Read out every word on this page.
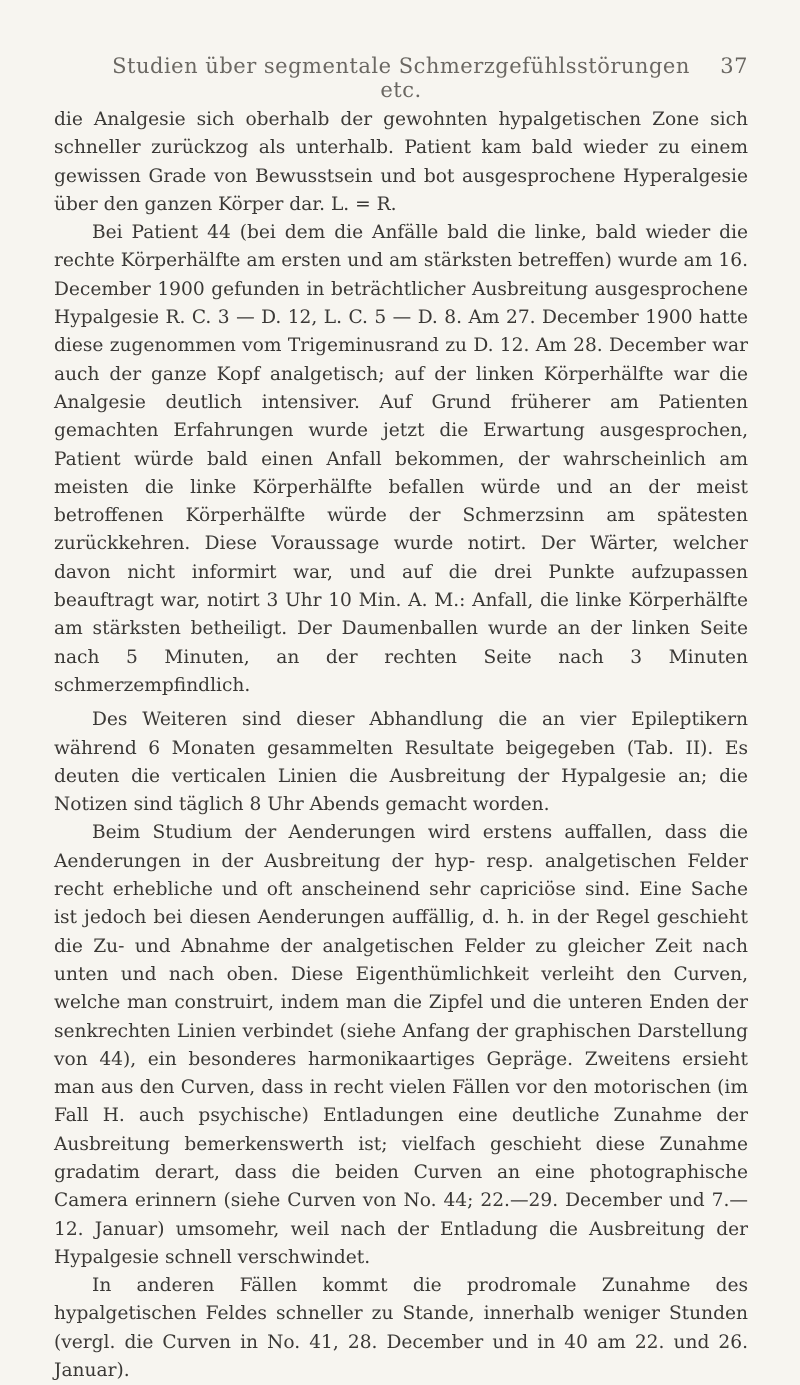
Studien über segmentale Schmerzgefühlsstörungen etc.
37

die Analgesie sich oberhalb der gewohnten hypalgetischen Zone sich schneller zurückzog als unterhalb. Patient kam bald wieder zu einem gewissen Grade von Bewusstsein und bot ausgesprochene Hyperalgesie über den ganzen Körper dar. L. = R.

Bei Patient 44 (bei dem die Anfälle bald die linke, bald wieder die rechte Körperhälfte am ersten und am stärksten betreffen) wurde am 16. December 1900 gefunden in beträchtlicher Ausbreitung ausgesprochene Hypalgesie R. C. 3 — D. 12, L. C. 5 — D. 8. Am 27. December 1900 hatte diese zugenommen vom Trigeminusrand zu D. 12. Am 28. December war auch der ganze Kopf analgetisch; auf der linken Körperhälfte war die Analgesie deutlich intensiver. Auf Grund früherer am Patienten gemachten Erfahrungen wurde jetzt die Erwartung ausgesprochen, Patient würde bald einen Anfall bekommen, der wahrscheinlich am meisten die linke Körperhälfte befallen würde und an der meist betroffenen Körperhälfte würde der Schmerzsinn am spätesten zurückkehren. Diese Voraussage wurde notirt. Der Wärter, welcher davon nicht informirt war, und auf die drei Punkte aufzupassen beauftragt war, notirt 3 Uhr 10 Min. A. M.: Anfall, die linke Körperhälfte am stärksten betheiligt. Der Daumenballen wurde an der linken Seite nach 5 Minuten, an der rechten Seite nach 3 Minuten schmerzempfindlich.

Des Weiteren sind dieser Abhandlung die an vier Epileptikern während 6 Monaten gesammelten Resultate beigegeben (Tab. II). Es deuten die verticalen Linien die Ausbreitung der Hypalgesie an; die Notizen sind täglich 8 Uhr Abends gemacht worden.

Beim Studium der Aenderungen wird erstens auffallen, dass die Aenderungen in der Ausbreitung der hyp- resp. analgetischen Felder recht erhebliche und oft anscheinend sehr capriciöse sind. Eine Sache ist jedoch bei diesen Aenderungen auffällig, d. h. in der Regel geschieht die Zu- und Abnahme der analgetischen Felder zu gleicher Zeit nach unten und nach oben. Diese Eigenthümlichkeit verleiht den Curven, welche man construirt, indem man die Zipfel und die unteren Enden der senkrechten Linien verbindet (siehe Anfang der graphischen Darstellung von 44), ein besonderes harmonikaartiges Gepräge. Zweitens ersieht man aus den Curven, dass in recht vielen Fällen vor den motorischen (im Fall H. auch psychische) Entladungen eine deutliche Zunahme der Ausbreitung bemerkenswerth ist; vielfach geschieht diese Zunahme gradatim derart, dass die beiden Curven an eine photographische Camera erinnern (siehe Curven von No. 44; 22.—29. December und 7.—12. Januar) umsomehr, weil nach der Entladung die Ausbreitung der Hypalgesie schnell verschwindet.

In anderen Fällen kommt die prodromale Zunahme des hypalgetischen Feldes schneller zu Stande, innerhalb weniger Stunden (vergl. die Curven in No. 41, 28. December und in 40 am 22. und 26. Januar).
